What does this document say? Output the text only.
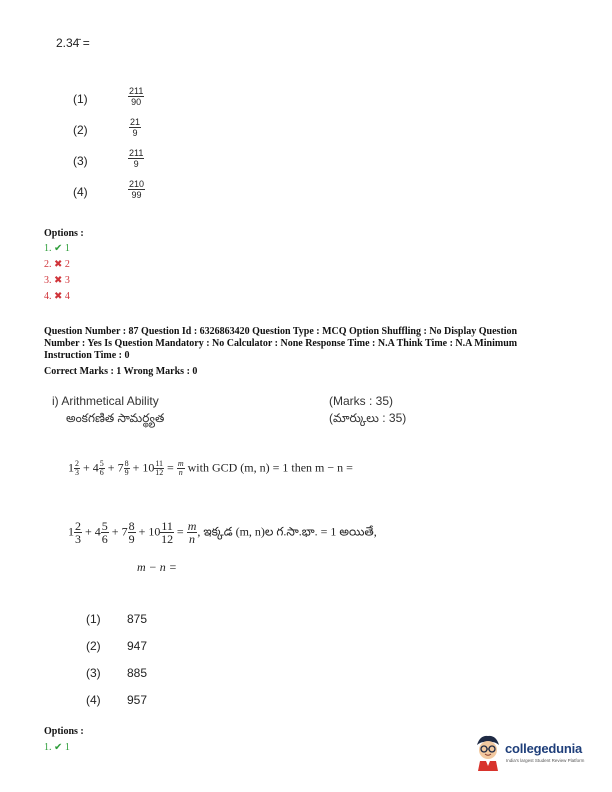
2.34̄ =
(1)	$\frac{211}{90}$
(2)	$\frac{21}{9}$
(3)	$\frac{211}{9}$
(4)	$\frac{210}{99}$
Options :
1. ✔ 1
2. ✖ 2
3. ✖ 3
4. ✖ 4
Question Number : 87 Question Id : 6326863420 Question Type : MCQ Option Shuffling : No Display Question
Number : Yes Is Question Mandatory : No Calculator : None Response Time : N.A Think Time : N.A Minimum
Instruction Time : 0
Correct Marks : 1 Wrong Marks : 0
i) Arithmetical Ability
అంకగణిత సామర్థ్యత
(Marks : 35)
(మార్కులు : 35)
$1 \frac{2}{3} + 4 \frac{5}{6} + 7 \frac{8}{9} + 10 \frac{11}{12} = \frac{m}{n}$ with GCD (m, n) = 1 then m − n =
$1 \frac{2}{3} + 4 \frac{5}{6} + 7 \frac{8}{9} + 10 \frac{11}{12} = \frac{m}{n}$ , ఇక్కడ (m, n)ల గ.సా.భా. = 1 అయితే,
m − n =
(1) 875
(2) 947
(3) 885
(4) 957
Options :
1. ✔ 1	collegedunia
India's largest Student Review Platform
